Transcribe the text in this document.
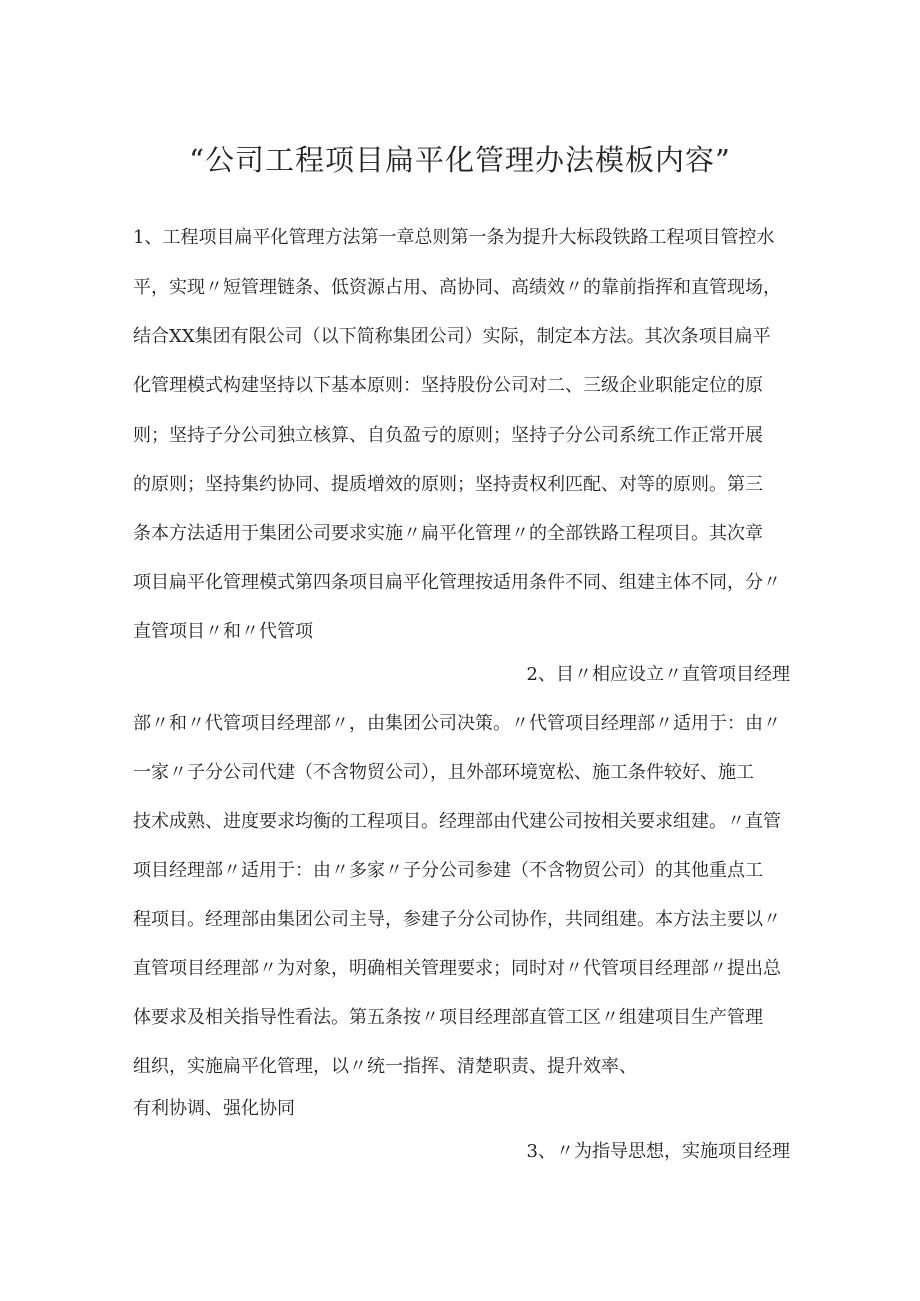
“公司工程项目扁平化管理办法模板内容”
1、工程项目扁平化管理方法第一章总则第一条为提升大标段铁路工程项目管控水
平，实现〃短管理链条、低资源占用、高协同、高绩效〃的靠前指挥和直管现场，
结合XX集团有限公司（以下简称集团公司）实际，制定本方法。其次条项目扁平
化管理模式构建坚持以下基本原则：坚持股份公司对二、三级企业职能定位的原
则；坚持子分公司独立核算、自负盈亏的原则；坚持子分公司系统工作正常开展
的原则；坚持集约协同、提质增效的原则；坚持责权利匹配、对等的原则。第三
条本方法适用于集团公司要求实施〃扁平化管理〃的全部铁路工程项目。其次章
项目扁平化管理模式第四条项目扁平化管理按适用条件不同、组建主体不同，分〃
直管项目〃和〃代管项
2、目〃相应设立〃直管项目经理
部〃和〃代管项目经理部〃，由集团公司决策。〃代管项目经理部〃适用于：由〃
一家〃子分公司代建（不含物贸公司），且外部环境宽松、施工条件较好、施工
技术成熟、进度要求均衡的工程项目。经理部由代建公司按相关要求组建。〃直管
项目经理部〃适用于：由〃多家〃子分公司参建（不含物贸公司）的其他重点工
程项目。经理部由集团公司主导，参建子分公司协作，共同组建。本方法主要以〃
直管项目经理部〃为对象，明确相关管理要求；同时对〃代管项目经理部〃提出总
体要求及相关指导性看法。第五条按〃项目经理部直管工区〃组建项目生产管理
组织，实施扁平化管理，以〃统一指挥、清楚职责、提升效率、
有利协调、强化协同
3、〃为指导思想，实施项目经理
